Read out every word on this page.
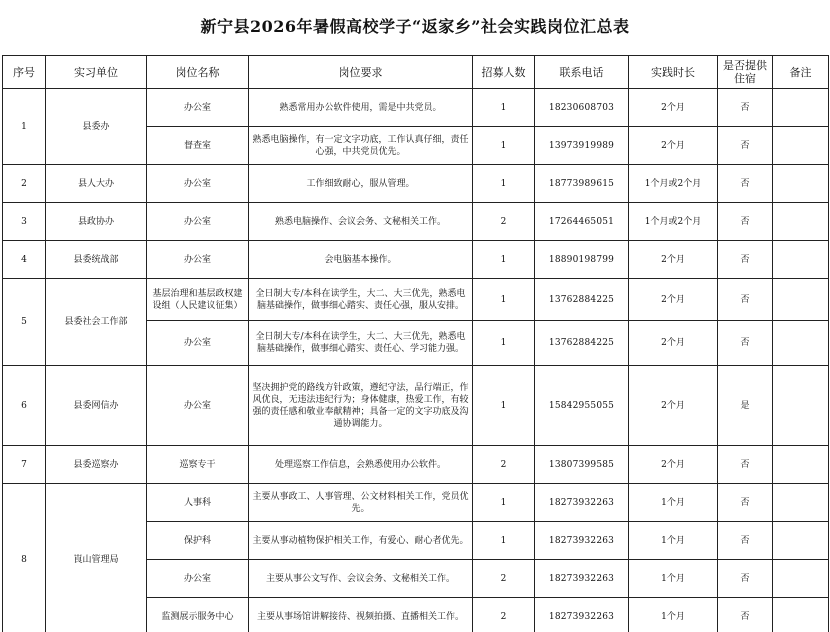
新宁县2026年暑假高校学子“返家乡”社会实践岗位汇总表
序号	实习单位	岗位名称	岗位要求	招募人数	联系电话	实践时长	是否提供住宿	备注
1	县委办	办公室	熟悉常用办公软件使用，需是中共党员。	1	18230608703	2个月	否	
		督查室	熟悉电脑操作，有一定文字功底，工作认真仔细，责任心强，中共党员优先。	1	13973919989	2个月	否	
2	县人大办	办公室	工作细致耐心，服从管理。	1	18773989615	1个月或2个月	否	
3	县政协办	办公室	熟悉电脑操作、会议会务、文秘相关工作。	2	17264465051	1个月或2个月	否	
4	县委统战部	办公室	会电脑基本操作。	1	18890198799	2个月	否	
5	县委社会工作部	基层治理和基层政权建设组（人民建议征集）	全日制大专/本科在读学生，大二、大三优先，熟悉电脑基础操作，做事细心踏实、责任心强，服从安排。	1	13762884225	2个月	否	
		办公室	全日制大专/本科在读学生，大二、大三优先，熟悉电脑基础操作，做事细心踏实、责任心、学习能力强。	1	13762884225	2个月	否	
6	县委网信办	办公室	坚决拥护党的路线方针政策，遵纪守法，品行端正，作风优良，无违法违纪行为；身体健康，热爱工作，有较强的责任感和敬业奉献精神；具备一定的文字功底及沟通协调能力。	1	15842955055	2个月	是	
7	县委巡察办	巡察专干	处理巡察工作信息，会熟悉使用办公软件。	2	13807399585	2个月	否	
8	崀山管理局	人事科	主要从事政工、人事管理、公文材料相关工作，党员优先。	1	18273932263	1个月	否	
		保护科	主要从事动植物保护相关工作，有爱心、耐心者优先。	1	18273932263	1个月	否	
		办公室	主要从事公文写作、会议会务、文秘相关工作。	2	18273932263	1个月	否	
		监测展示服务中心	主要从事场馆讲解接待、视频拍摄、直播相关工作。	2	18273932263	1个月	否	
